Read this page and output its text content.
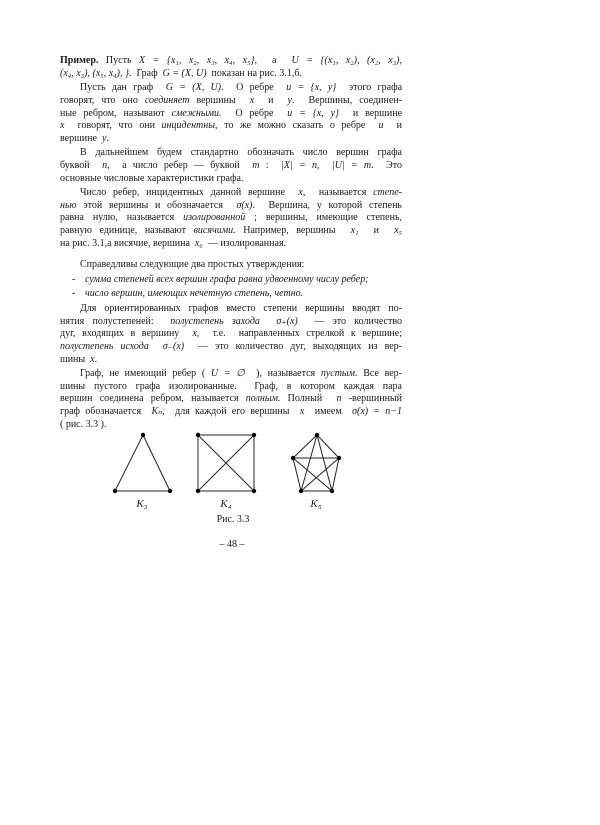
Пример. Пусть X = {x₁, x₂, x₃, x₄, x₅},  а  U = {(x₁, x₂), (x₂, x₃),
(x₄, x₃), (x₅, x₄), }.  Граф  G = (X, U)  показан на рис. 3.1,б.
Пусть дан граф  G = (X, U).  О ребре  u = {x, y}  этого графа
говорят, что оно соединяет вершины  x  и  y.  Вершины, соединен-
ные ребром, называют смежными.  О ребре  u = {x, y}  и вершине
x  говорят, что они инцидентны, то же можно сказать о ребре  u  и
вершине  y.
В дальнейшем будем стандартно обозначать число вершин графа
буквой  n,  а число ребер — буквой  m :  |X| = n,  |U| = m.  Это
основные числовые характеристики графа.
Число ребер, инцидентных данной вершине  x,  называется степе-
нью этой вершины и обозначается  σ(x).  Вершина, у которой степень
равна нулю, называется изолированной ; вершины, имеющие степень,
равную единице, называют висячими. Например, вершины  x₁  и  x₅
на рис. 3.1,а висячие, вершина  x₆  — изолированная.
Справедливы следующие два простых утверждения:
- сумма степеней всех вершин графа равна удвоенному числу ребер;
- число вершин, имеющих нечетную степень, четно.
Для ориентированных графов вместо степени вершины вводят по-
нятия полустепеней:  полустепень захода σ₊(x)  — это количество
дуг, входящих в вершину  x,  т.е.  направленных стрелкой к вершине;
полустепень исхода σ₋(x)  — это количество дуг, выходящих из вер-
шины  x.
Граф, не имеющий ребер ( U = ∅  ), называется пустым. Все вер-
шины пустого графа изолированные.  Граф, в котором каждая пара
вершин соединена ребром, называется полным. Полный  n -вершинный
граф обозначается  Kₙ,  для каждой его вершины  x  имеем  σ(x) = n−1
( рис. 3.3 ).
K₃	K₄	K₅
Рис. 3.3
– 48 –
